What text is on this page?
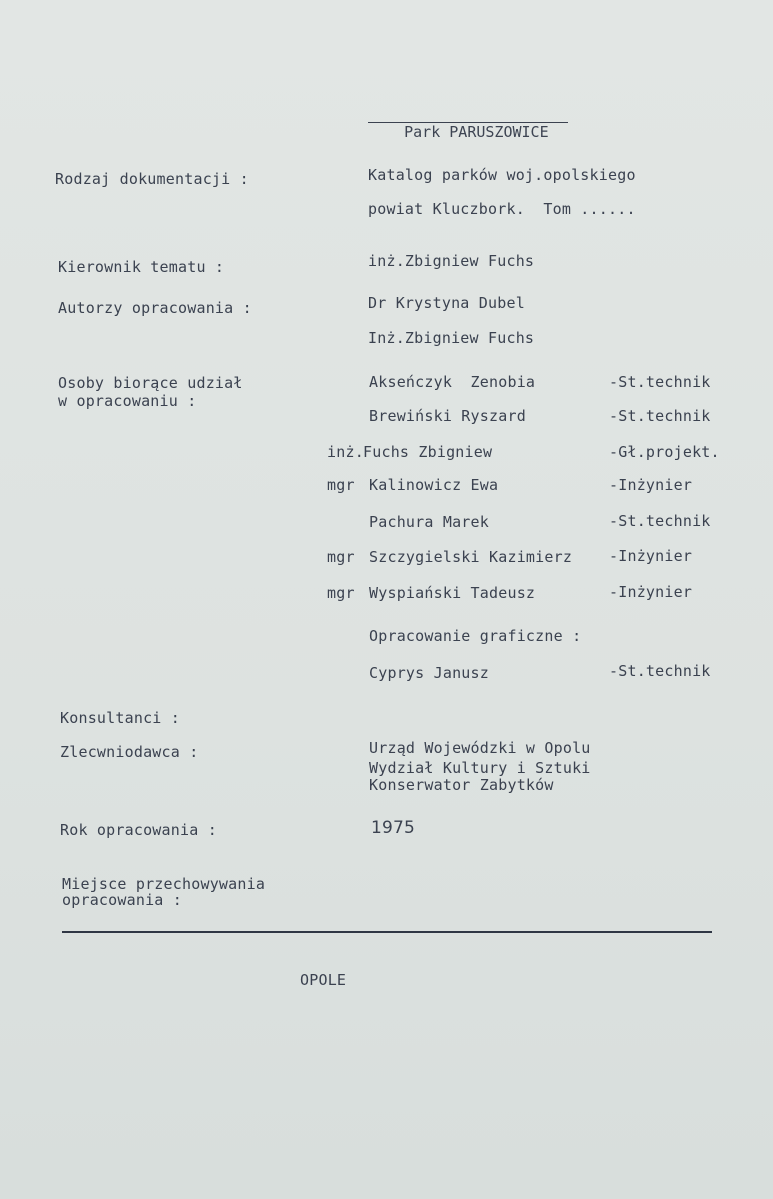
Park PARUSZOWICE

Rodzaj dokumentacji :	Katalog parków woj.opolskiego
powiat Kluczbork.  Tom ......
Kierownik tematu :	inż.Zbigniew Fuchs
Autorzy opracowania :	Dr Krystyna Dubel
Inż.Zbigniew Fuchs
Osoby biorące udział
w opracowaniu :
Akseńczyk  Zenobia	-St.technik
Brewiński Ryszard	-St.technik
inż. Fuchs Zbigniew	-Gł.projekt.
mgr Kalinowicz Ewa	-Inżynier
Pachura Marek	-St.technik
mgr Szczygielski Kazimierz -Inżynier
mgr Wyspiański Tadeusz	-Inżynier
Opracowanie graficzne :
Cyprys Janusz	-St.technik
Konsultanci :
Zlecwniodawca :	Urząd Wojewódzki w Opolu
Wydział Kultury i Sztuki
Konserwator Zabytków
Rok opracowania :	1975
Miejsce przechowywania
opracowania :
OPOLE
